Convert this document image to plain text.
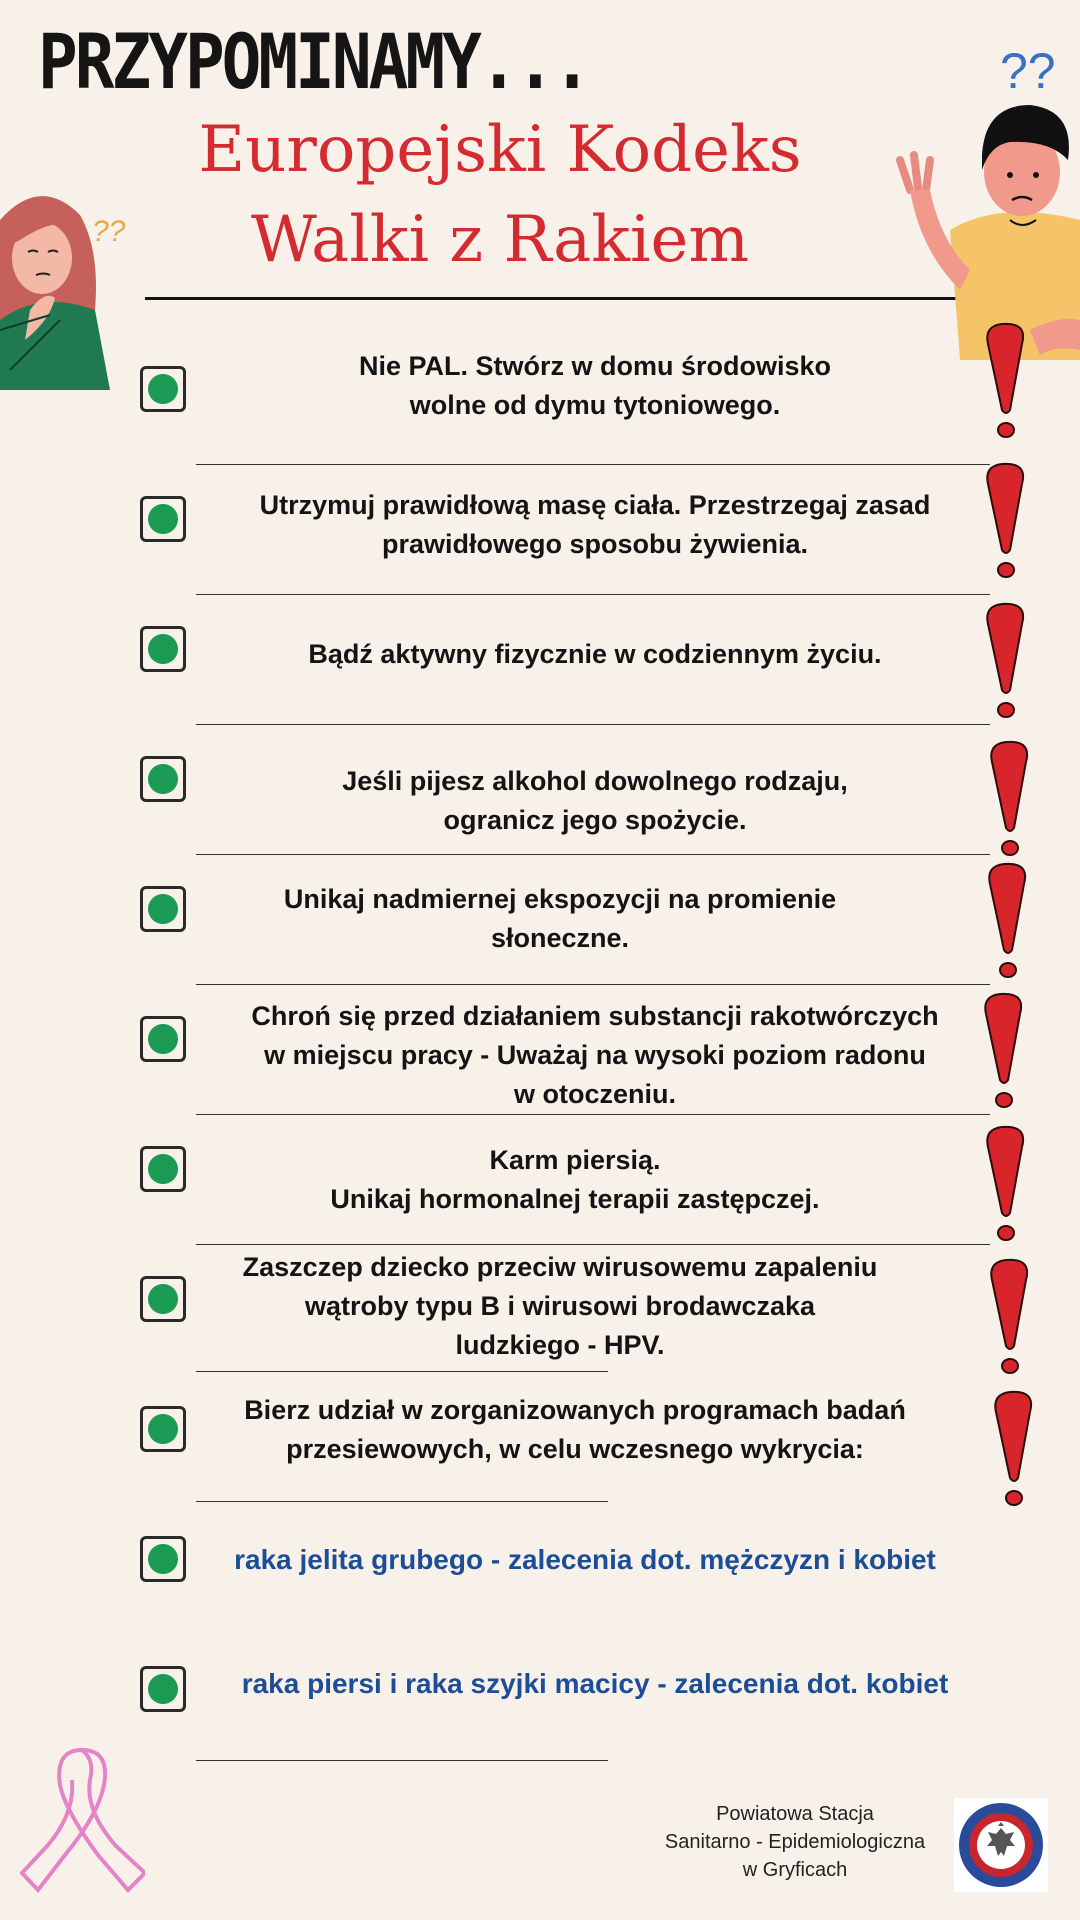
PRZYPOMINAMY...
Europejski Kodeks
Walki z Rakiem
??
??
Nie PAL. Stwórz w domu środowisko
wolne od dymu tytoniowego.
Utrzymuj prawidłową masę ciała. Przestrzegaj zasad
prawidłowego sposobu żywienia.
Bądź aktywny fizycznie w codziennym życiu.
Jeśli pijesz alkohol dowolnego rodzaju,
ogranicz jego spożycie.
Unikaj nadmiernej ekspozycji na promienie
słoneczne.
Chroń się przed działaniem substancji rakotwórczych
w miejscu pracy - Uważaj na wysoki poziom radonu
w otoczeniu.
Karm piersią.
Unikaj hormonalnej terapii zastępczej.
Zaszczep dziecko przeciw wirusowemu zapaleniu
wątroby typu B i wirusowi brodawczaka
ludzkiego - HPV.
Bierz udział w zorganizowanych programach badań
przesiewowych, w celu wczesnego wykrycia:
raka jelita grubego - zalecenia dot. mężczyzn i kobiet
raka piersi i raka szyjki macicy - zalecenia dot. kobiet
Powiatowa Stacja
Sanitarno - Epidemiologiczna
w Gryficach
